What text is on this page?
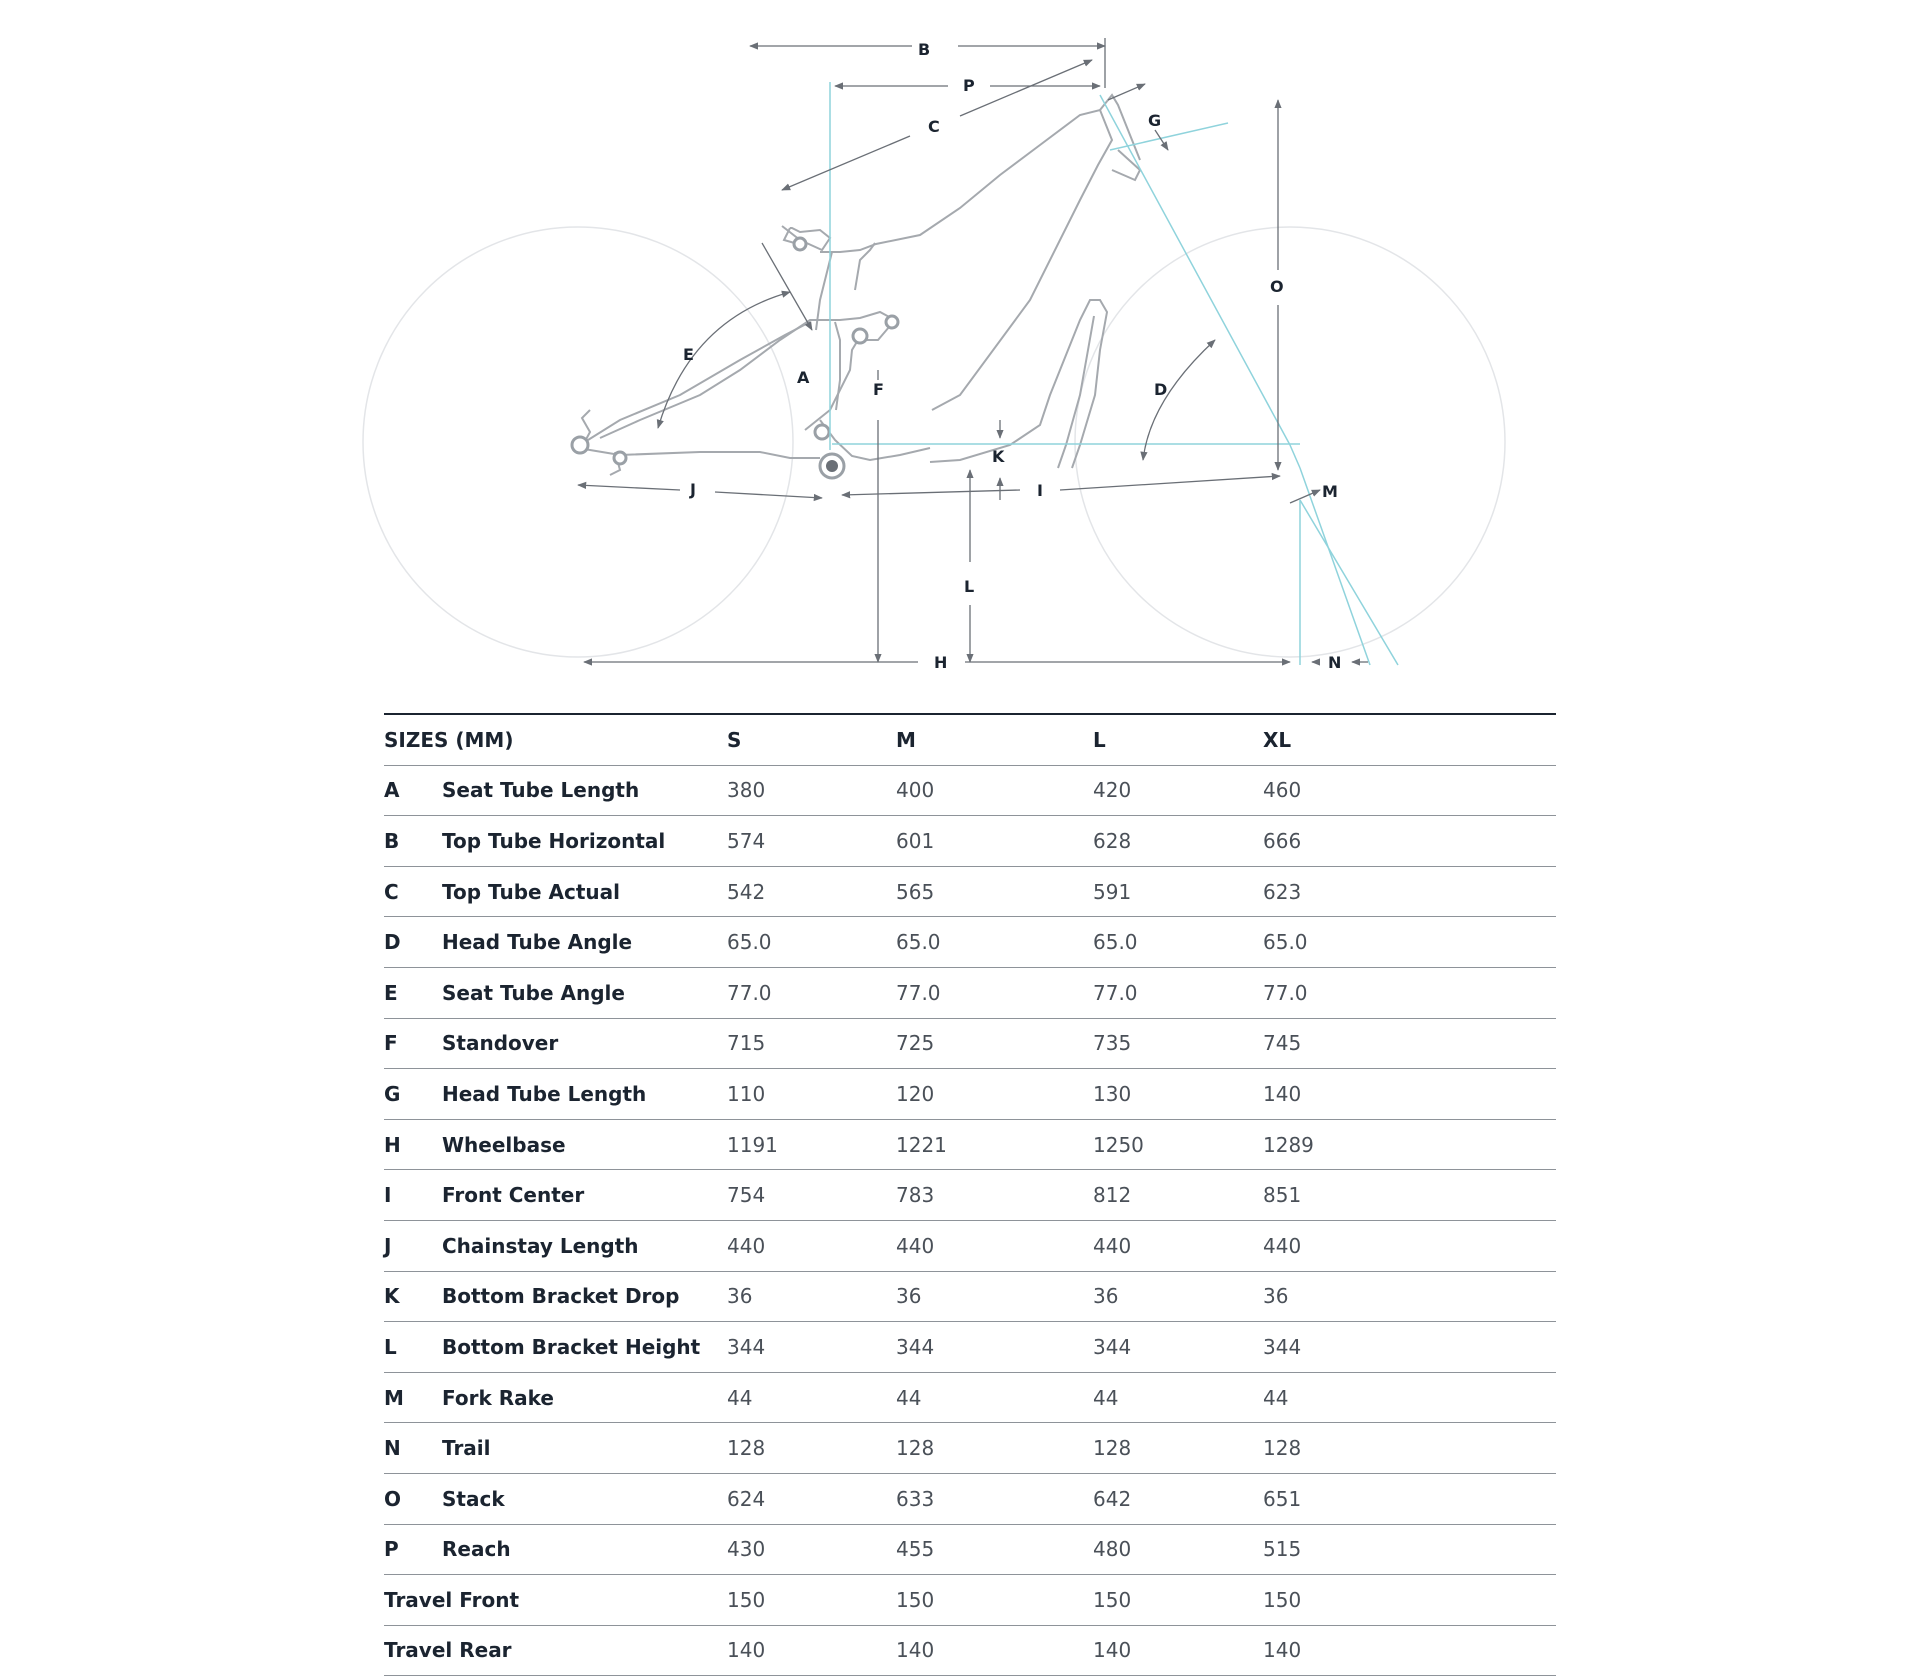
B
P
C	G
O
D
E
A
F
K
M
I
J
L
H	N
SIZES (MM)		S	M	L	XL
A	Seat Tube Length	380	400	420	460
B	Top Tube Horizontal	574	601	628	666
C	Top Tube Actual	542	565	591	623
D	Head Tube Angle	65.0	65.0	65.0	65.0
E	Seat Tube Angle	77.0	77.0	77.0	77.0
F	Standover	715	725	735	745
G	Head Tube Length	110	120	130	140
H	Wheelbase	1191	1221	1250	1289
I	Front Center	754	783	812	851
J	Chainstay Length	440	440	440	440
K	Bottom Bracket Drop	36	36	36	36
L	Bottom Bracket Height	344	344	344	344
M	Fork Rake	44	44	44	44
N	Trail	128	128	128	128
O	Stack	624	633	642	651
P	Reach	430	455	480	515
Travel Front		150	150	150	150
Travel Rear		140	140	140	140
